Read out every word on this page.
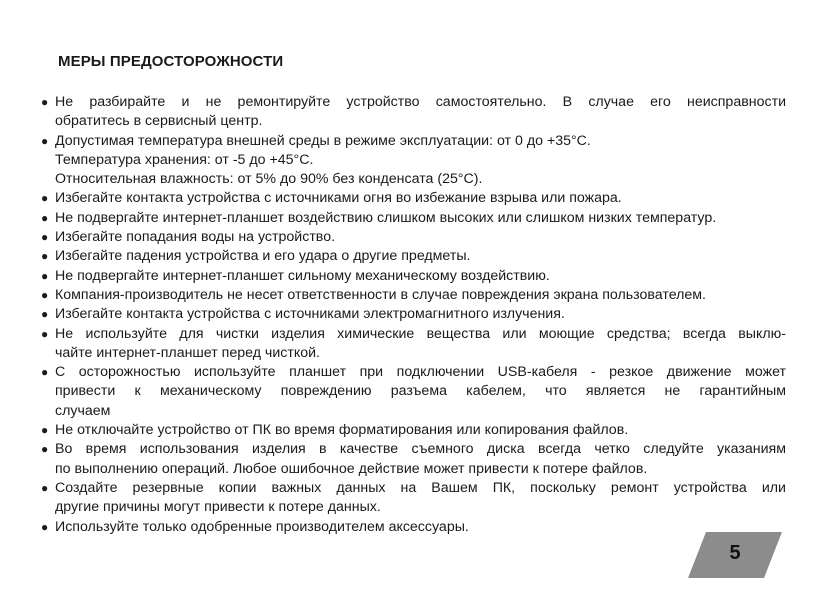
МЕРЫ ПРЕДОСТОРОЖНОСТИ
● Не разбирайте и не ремонтируйте устройство самостоятельно. В случае его неисправности
обратитесь в сервисный центр.
● Допустимая температура внешней среды в режиме эксплуатации: от 0 до +35°C.
Температура хранения: от -5 до +45°C.
Относительная влажность: от 5% до 90% без конденсата (25°C).
● Избегайте контакта устройства с источниками огня во избежание взрыва или пожара.
● Не подвергайте интернет-планшет воздействию слишком высоких или слишком низких температур.
● Избегайте попадания воды на устройство.
● Избегайте падения устройства и его удара о другие предметы.
● Не подвергайте интернет-планшет сильному механическому воздействию.
● Компания-производитель не несет ответственности в случае повреждения экрана пользователем.
● Избегайте контакта устройства с источниками электромагнитного излучения.
● Не используйте для чистки изделия химические вещества или моющие средства; всегда выклю-
чайте интернет-планшет перед чисткой.
● С осторожностью используйте планшет при подключении USB-кабеля - резкое движение может
привести к механическому повреждению разъема кабелем, что является не гарантийным
случаем
● Не отключайте устройство от ПК во время форматирования или копирования файлов.
● Во время использования изделия в качестве съемного диска всегда четко следуйте указаниям
по выполнению операций. Любое ошибочное действие может привести к потере файлов.
● Создайте резервные копии важных данных на Вашем ПК, поскольку ремонт устройства или
другие причины могут привести к потере данных.
● Используйте только одобренные производителем аксессуары.
5
